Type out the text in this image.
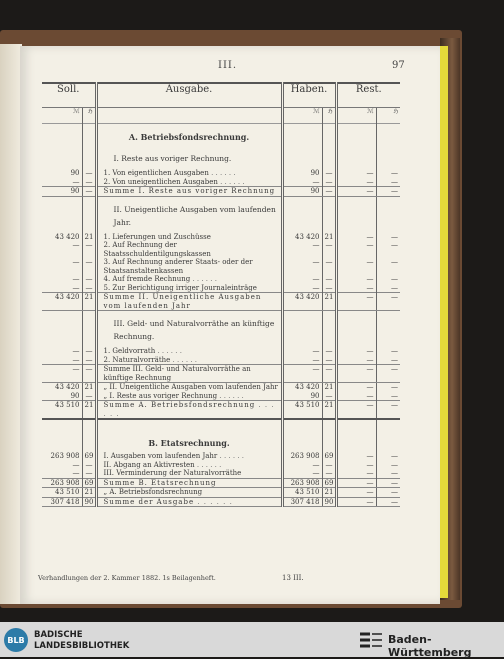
III.	97
Soll.		Ausgabe.	Haben.		Rest.	
ℳ	ℌ		ℳ	ℌ	ℳ	ℌ
		A. Betriebsfondsrechnung.				
		I. Reste aus voriger Rechnung.				
90	—	1. Von eigentlichen Ausgaben . . .	90	—	—	—
—	—	2. Von uneigentlichen Ausgaben . . .	—	—	—	—
90	—	Summe I. Reste aus voriger Rechnung	90	—	—	—
		II. Uneigentliche Ausgaben vom laufenden Jahr.				
43 420	21	1. Lieferungen und Zuschüsse	43 420	21	—	—
—	—	2. Auf Rechnung der Staatsschuldentilgungskassen	—	—	—	—
—	—	3. Auf Rechnung anderer Staats- oder der Staatsanstaltenkassen	—	—	—	—
—	—	4. Auf fremde Rechnung . . .	—	—	—	—
—	—	5. Zur Berichtigung irriger Journaleinträge	—	—	—	—
43 420	21	Summe II. Uneigentliche Ausgaben vom laufenden Jahr	43 420	21	—	—
		III. Geld- und Naturalvorräthe an künftige Rechnung.				
—	—	1. Geldvorrath . . .	—	—	—	—
—	—	2. Naturalvorräthe . . .	—	—	—	—
—	—	Summe III. Geld- und Naturalvorräthe an künftige Rechnung	—	—	—	—
43 420	21	„ II. Uneigentliche Ausgaben vom laufenden Jahr	43 420	21	—	—
90	—	„ I. Reste aus voriger Rechnung . . .	90	—	—	—
43 510	21	Summe A. Betriebsfondsrechnung . . .	43 510	21	—	—

		B. Etatsrechnung.				
263 908	69	I. Ausgaben vom laufenden Jahr . . .	263 908	69	—	—
—	—	II. Abgang an Aktivresten . . .	—	—	—	—
—	—	III. Verminderung der Naturalvorräthe	—	—	—	—
263 908	69	Summe B. Etatsrechnung	263 908	69	—	—
43 510	21	„ A. Betriebsfondsrechnung	43 510	21	—	—
307 418	90	Summe der Ausgabe . . .	307 418	90	—	—
Verhandlungen der 2. Kammer 1882. 1s Beilagenheft.	13 III.
BLB	BADISCHE
LANDESBIBLIOTHEK	Baden-Württemberg
